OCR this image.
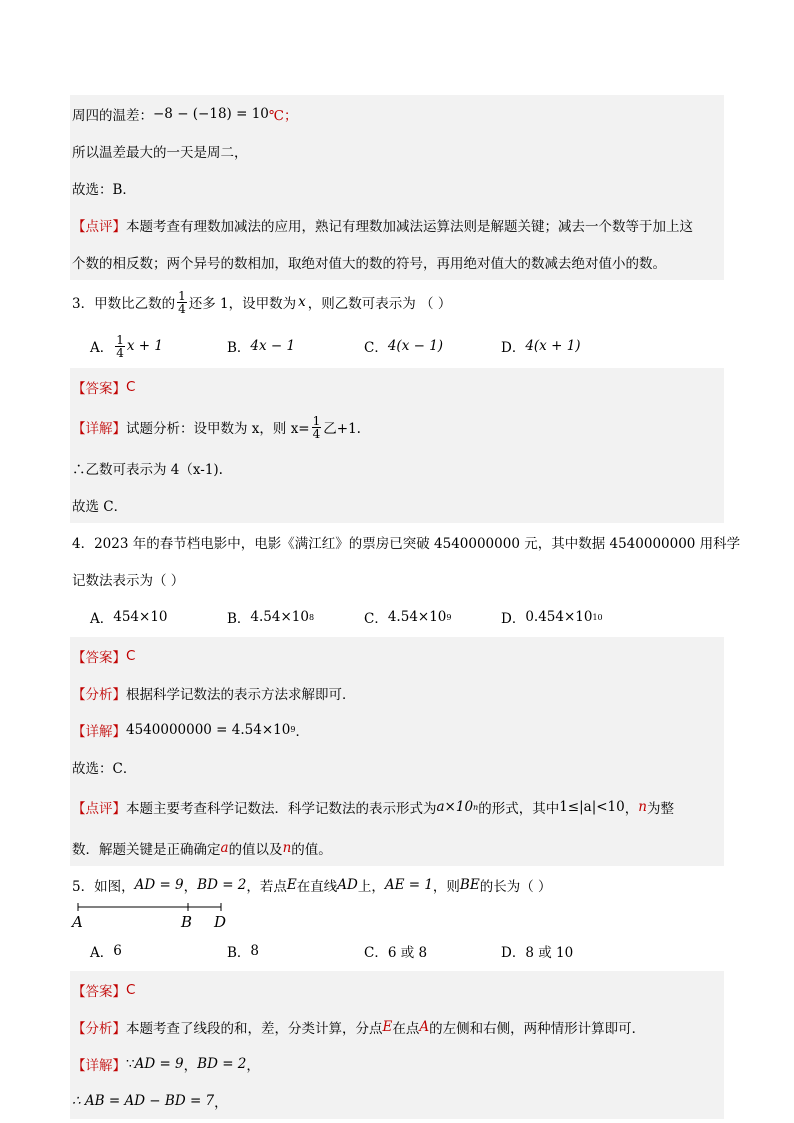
周四的温差： −8 − (−18) = 10 ℃；
所以温差最大的一天是周二，
故选：B．
【点评】 本题考查有理数加减法的应用，熟记有理数加减法运算法则是解题关键；减去一个数等于加上这
个数的相反数；两个异号的数相加，取绝对值大的数的符号，再用绝对值大的数减去绝对值小的数。
3．甲数比乙数的 $\frac{1}{4}$ 还多 1，设甲数为 x ，则乙数可表示为 （ ）
A． $\frac{1}{4}$ x + 1	B． 4x − 1	C． 4(x − 1)	D． 4(x + 1)
【答案】 C
【详解】 试题分析：设甲数为 x，则 $x= \frac{1}{4}$ 乙+1.
∴乙数可表示为 4（x-1).
故选 C．
4．2023 年的春节档电影中，电影《满江红》的票房已突破 4540000000 元，其中数据 4540000000 用科学
记数法表示为（ ）
A． 454×10	B． 4.54×10 8	C． 4.54×10 9	D． 0.454×10 10
【答案】 C
【分析】 根据科学记数法的表示方法求解即可．
【详解】 4540000000 = 4.54×10 9 ．
故选：C．
【点评】 本题主要考查科学记数法．科学记数法的表示形式为 a×10 n 的形式，其中 1≤|a|<10 ， n 为整
数．解题关键是正确确定 a 的值以及 n 的值。
5．如图， AD = 9 ， BD = 2 ，若点 E 在直线 AD 上， AE = 1 ，则 BE 的长为（ ）
A	B D
A． 6	B． 8	C． 6 或 8	D． 8 或 10
【答案】 C
【分析】 本题考查了线段的和，差，分类计算，分点 E 在点 A 的左侧和右侧，两种情形计算即可．
【详解】 ∵ AD = 9 ， BD = 2 ，
∴ AB = AD − BD = 7 ，
